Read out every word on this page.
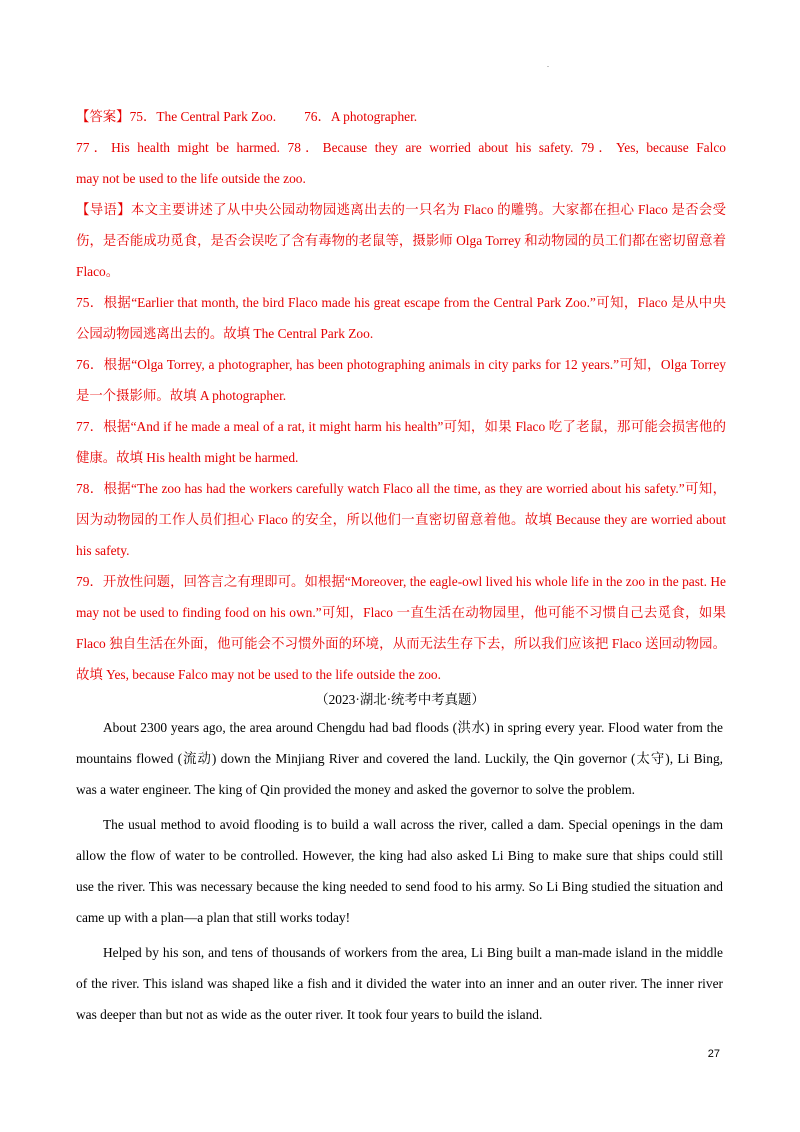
.

【答案】75．The Central Park Zoo. 76．A photographer.

77．His health might be harmed. 78．Because they are worried about his safety. 79．Yes, because Falco

may not be used to the life outside the zoo.

【导语】本文主要讲述了从中央公园动物园逃离出去的一只名为 Flaco 的雕鸮。大家都在担心 Flaco 是否会受伤，是否能成功觅食，是否会误吃了含有毒物的老鼠等，摄影师 Olga Torrey 和动物园的员工们都在密切留意着 Flaco。

75．根据“Earlier that month, the bird Flaco made his great escape from the Central Park Zoo.”可知，Flaco 是从中央公园动物园逃离出去的。故填 The Central Park Zoo.

76．根据“Olga Torrey, a photographer, has been photographing animals in city parks for 12 years.”可知，Olga Torrey 是一个摄影师。故填 A photographer.

77．根据“And if he made a meal of a rat, it might harm his health”可知，如果 Flaco 吃了老鼠，那可能会损害他的健康。故填 His health might be harmed.

78．根据“The zoo has had the workers carefully watch Flaco all the time, as they are worried about his safety.”可知，因为动物园的工作人员们担心 Flaco 的安全，所以他们一直密切留意着他。故填 Because they are worried about his safety.

79．开放性问题，回答言之有理即可。如根据“Moreover, the eagle-owl lived his whole life in the zoo in the past. He may not be used to finding food on his own.”可知，Flaco 一直生活在动物园里，他可能不习惯自己去觅食，如果 Flaco 独自生活在外面，他可能会不习惯外面的环境，从而无法生存下去，所以我们应该把 Flaco 送回动物园。故填 Yes, because Falco may not be used to the life outside the zoo.

（2023·湖北·统考中考真题）

About 2300 years ago, the area around Chengdu had bad floods (洪水) in spring every year. Flood water from the mountains flowed (流动) down the Minjiang River and covered the land. Luckily, the Qin governor (太守), Li Bing, was a water engineer. The king of Qin provided the money and asked the governor to solve the problem.

The usual method to avoid flooding is to build a wall across the river, called a dam. Special openings in the dam allow the flow of water to be controlled. However, the king had also asked Li Bing to make sure that ships could still use the river. This was necessary because the king needed to send food to his army. So Li Bing studied the situation and came up with a plan—a plan that still works today!

Helped by his son, and tens of thousands of workers from the area, Li Bing built a man-made island in the middle of the river. This island was shaped like a fish and it divided the water into an inner and an outer river. The inner river was deeper than but not as wide as the outer river. It took four years to build the island.

27
